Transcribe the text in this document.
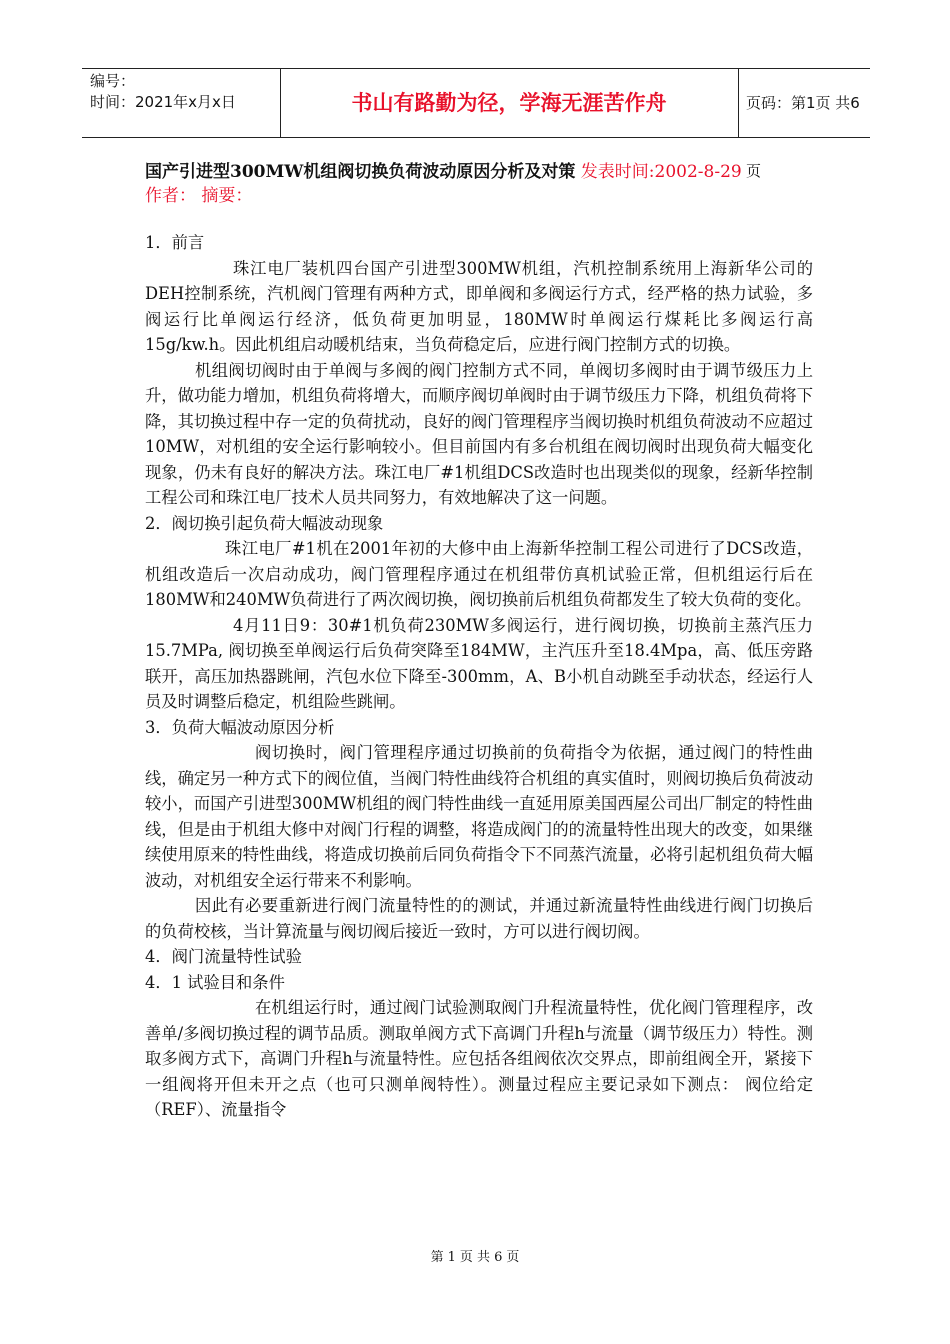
编号：
时间：2021年x月x日	书山有路勤为径，学海无涯苦作舟	页码：第1页 共6页
国产引进型300MW机组阀切换负荷波动原因分析及对策 发表时间:2002-8-29
作者： 摘要：

1．前言

珠江电厂装机四台国产引进型300MW机组，汽机控制系统用上海新华公司的DEH控制系统，汽机阀门管理有两种方式，即单阀和多阀运行方式，经严格的热力试验，多阀运行比单阀运行经济，低负荷更加明显，180MW时单阀运行煤耗比多阀运行高15g/kw.h。因此机组启动暖机结束，当负荷稳定后，应进行阀门控制方式的切换。

机组阀切阀时由于单阀与多阀的阀门控制方式不同，单阀切多阀时由于调节级压力上升，做功能力增加，机组负荷将增大，而顺序阀切单阀时由于调节级压力下降，机组负荷将下降，其切换过程中存一定的负荷扰动，良好的阀门管理程序当阀切换时机组负荷波动不应超过10MW，对机组的安全运行影响较小。但目前国内有多台机组在阀切阀时出现负荷大幅变化现象，仍未有良好的解决方法。珠江电厂#1机组DCS改造时也出现类似的现象，经新华控制工程公司和珠江电厂技术人员共同努力，有效地解决了这一问题。

2．阀切换引起负荷大幅波动现象

珠江电厂#1机在2001年初的大修中由上海新华控制工程公司进行了DCS改造，机组改造后一次启动成功，阀门管理程序通过在机组带仿真机试验正常，但机组运行后在180MW和240MW负荷进行了两次阀切换，阀切换前后机组负荷都发生了较大负荷的变化。

4月11日9：30#1机负荷230MW多阀运行，进行阀切换，切换前主蒸汽压力15.7MPa, 阀切换至单阀运行后负荷突降至184MW，主汽压升至18.4Mpa，高、低压旁路联开，高压加热器跳闸，汽包水位下降至-300mm，A、B小机自动跳至手动状态，经运行人员及时调整后稳定，机组险些跳闸。

3．负荷大幅波动原因分析

阀切换时，阀门管理程序通过切换前的负荷指令为依据，通过阀门的特性曲线，确定另一种方式下的阀位值，当阀门特性曲线符合机组的真实值时，则阀切换后负荷波动较小，而国产引进型300MW机组的阀门特性曲线一直延用原美国西屋公司出厂制定的特性曲线，但是由于机组大修中对阀门行程的调整，将造成阀门的的流量特性出现大的改变，如果继续使用原来的特性曲线，将造成切换前后同负荷指令下不同蒸汽流量，必将引起机组负荷大幅波动，对机组安全运行带来不利影响。

因此有必要重新进行阀门流量特性的的测试，并通过新流量特性曲线进行阀门切换后的负荷校核，当计算流量与阀切阀后接近一致时，方可以进行阀切阀。

4．阀门流量特性试验

4．1 试验目和条件

在机组运行时，通过阀门试验测取阀门升程流量特性，优化阀门管理程序，改善单/多阀切换过程的调节品质。测取单阀方式下高调门升程h与流量（调节级压力）特性。测取多阀方式下，高调门升程h与流量特性。应包括各组阀依次交界点，即前组阀全开，紧接下一组阀将开但未开之点（也可只测单阀特性）。测量过程应主要记录如下测点： 阀位给定（REF）、流量指令

第 1 页 共 6 页
